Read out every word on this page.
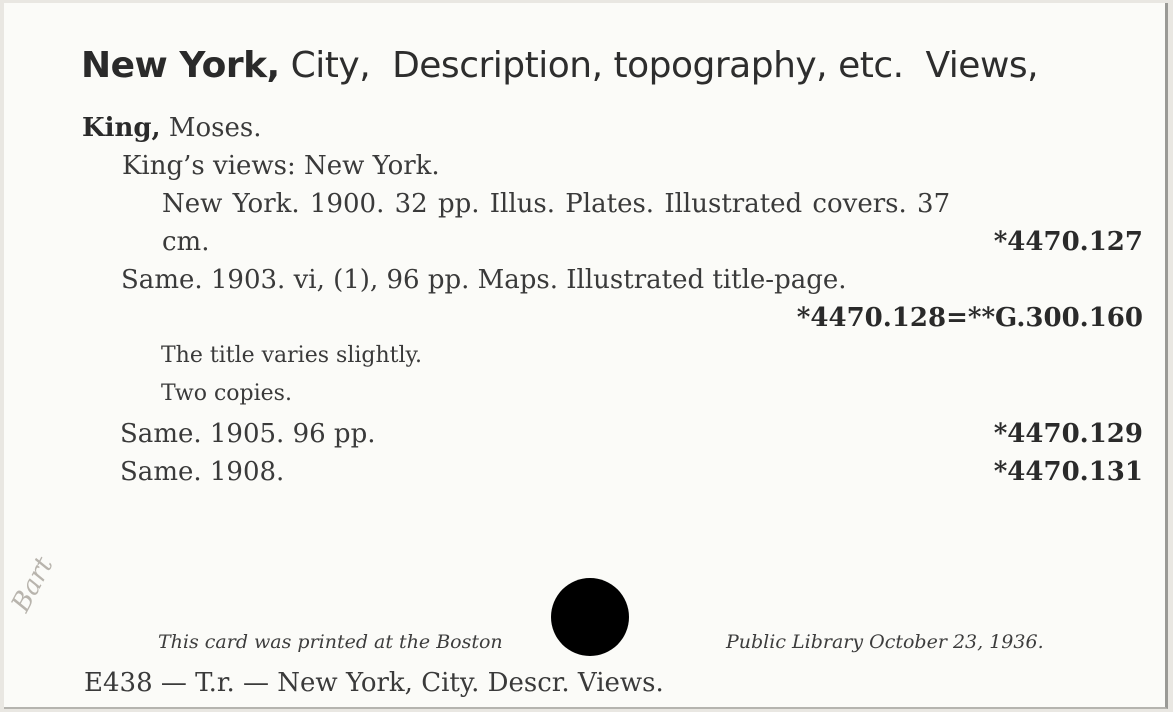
New York, City, Description, topography, etc. Views,
King, Moses.
King’s views: New York.
New York. 1900. 32 pp. Illus. Plates. Illustrated covers. 37
cm.	*4470.127
Same. 1903. vi, (1), 96 pp. Maps. Illustrated title-page.
*4470.128=**G.300.160
The title varies slightly.
Two copies.
Same. 1905. 96 pp.	*4470.129
Same. 1908.	*4470.131
This card was printed at the Boston	Public Library October 23, 1936.
E438 — T.r. — New York, City. Descr. Views.
Bart
